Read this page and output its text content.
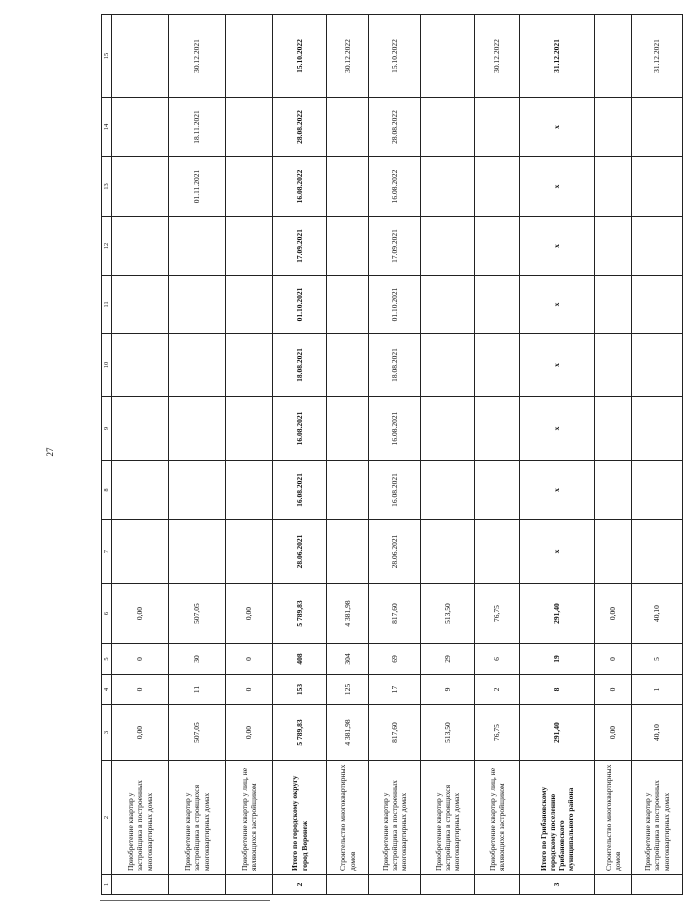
27
1	2	3	4	5	6	7	8	9	10	11	12	13	14	15
	Приобретение квартир у застройщика в построенных многоквартирных домах	0,00	0	0	0,00									
	Приобретение квартир у застройщика в строящихся многоквартирных домах	507,05	11	30	507,05							01.11.2021	18.11.2021	30.12.2021
	Приобретение квартир у лиц, не являющихся застройщиком	0,00	0	0	0,00									
2	Итого по городскому округу город Воронеж	5 789,83	153	408	5 789,83	28.06.2021	16.08.2021	16.08.2021	18.08.2021	01.10.2021	17.09.2021	16.08.2022	28.08.2022	15.10.2022
	Строительство многоквартирных домов	4 381,98	125	304	4 381,98									30.12.2022
	Приобретение квартир у застройщика в построенных многоквартирных домах	817,60	17	69	817,60	28.06.2021	16.08.2021	16.08.2021	18.08.2021	01.10.2021	17.09.2021	16.08.2022	28.08.2022	15.10.2022
	Приобретение квартир у застройщика в строящихся многоквартирных домах	513,50	9	29	513,50									
	Приобретение квартир у лиц, не являющихся застройщиком	76,75	2	6	76,75									30.12.2022
3	Итого по Грибановскому городскому поселению Грибановского муниципального района	291,40	8	19	291,40	х	х	х	х	х	х	х	х	31.12.2021
	Строительство многоквартирных домов	0,00	0	0	0,00									
	Приобретение квартир у застройщика в построенных многоквартирных домах	40,10	1	5	40,10									31.12.2021
